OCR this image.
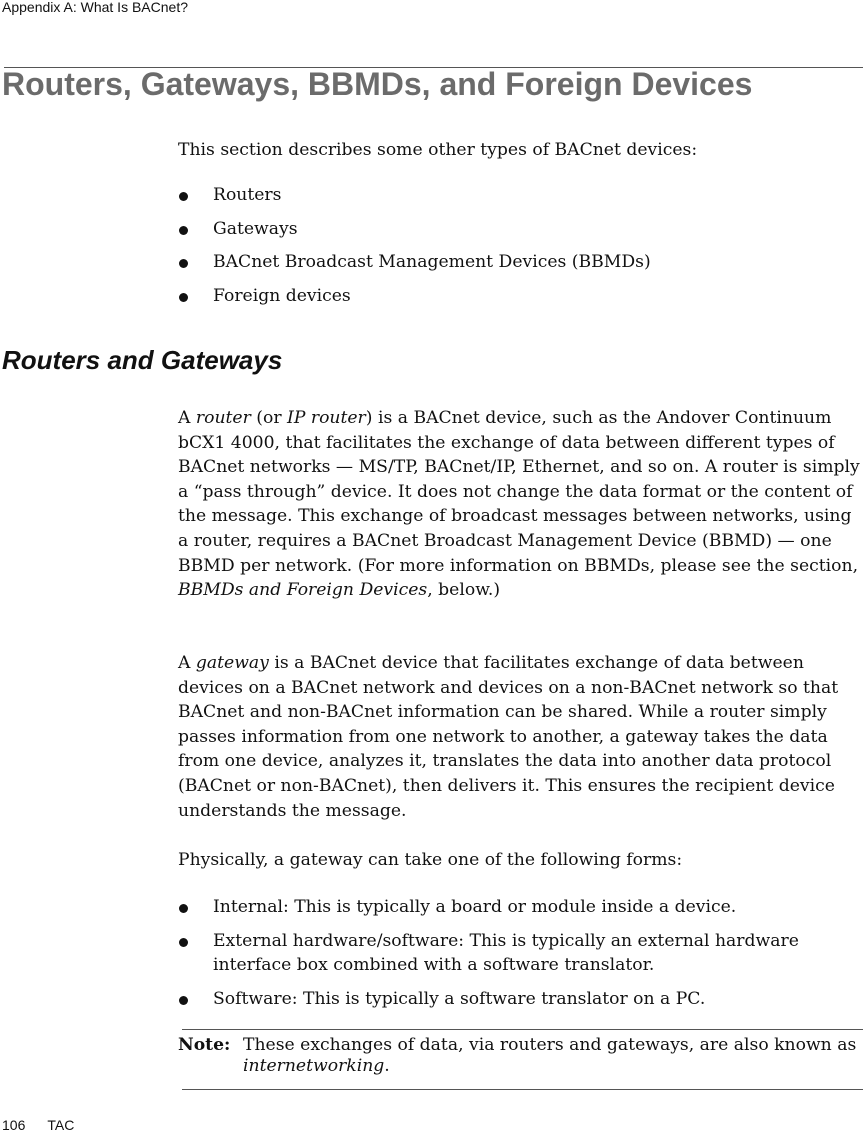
Appendix A: What Is BACnet?
Routers, Gateways, BBMDs, and Foreign Devices

This section describes some other types of BACnet devices:

Routers
Gateways
BACnet Broadcast Management Devices (BBMDs)
Foreign devices
Routers and Gateways

A router (or IP router) is a BACnet device, such as the Andover Continuum bCX1 4000, that facilitates the exchange of data between different types of BACnet networks — MS/TP, BACnet/IP, Ethernet, and so on. A router is simply a “pass through” device. It does not change the data format or the content of the message. This exchange of broadcast messages between networks, using a router, requires a BACnet Broadcast Management Device (BBMD) — one BBMD per network. (For more information on BBMDs, please see the section, BBMDs and Foreign Devices, below.)

A gateway is a BACnet device that facilitates exchange of data between devices on a BACnet network and devices on a non-BACnet network so that BACnet and non-BACnet information can be shared. While a router simply passes information from one network to another, a gateway takes the data from one device, analyzes it, translates the data into another data protocol (BACnet or non-BACnet), then delivers it. This ensures the recipient device understands the message.

Physically, a gateway can take one of the following forms:

Internal: This is typically a board or module inside a device.
External hardware/software: This is typically an external hardware interface box combined with a software translator.
Software: This is typically a software translator on a PC.
Note: These exchanges of data, via routers and gateways, are also known as internetworking.
106 TAC
